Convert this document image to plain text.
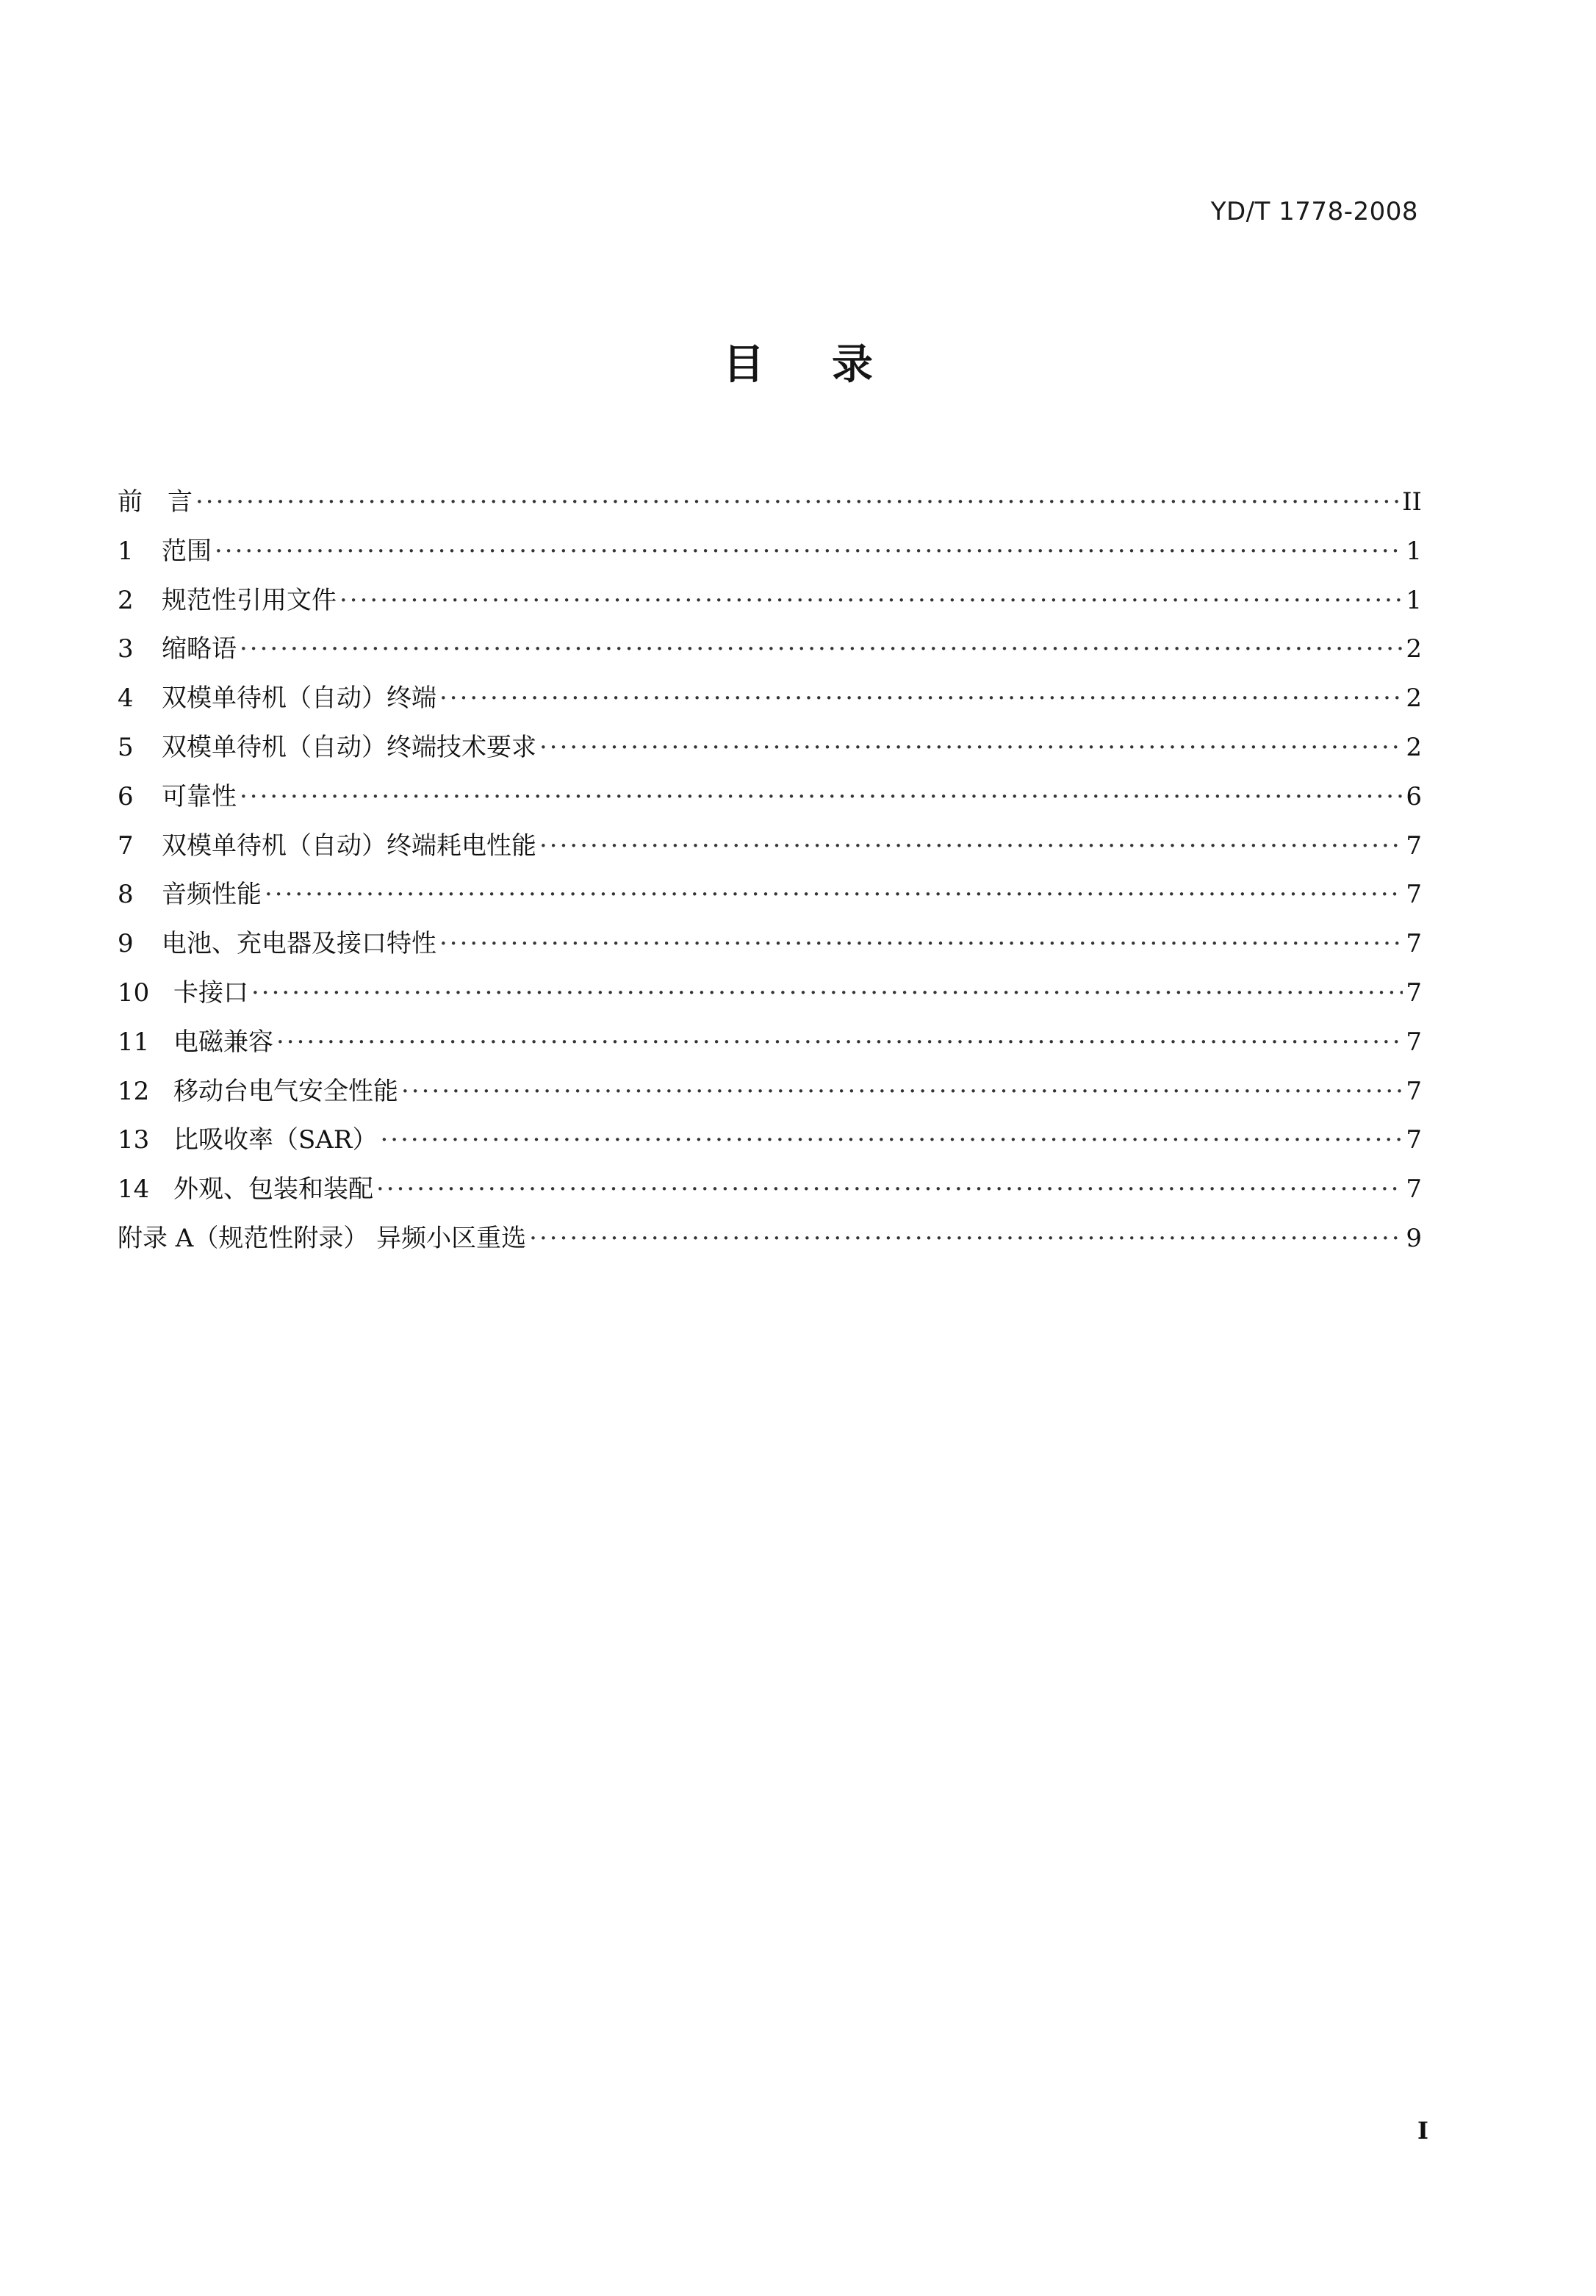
YD/T 1778-2008
目录
前　言 ·····	II
1	范围 ·····	1
2	规范性引用文件 ·····	1
3	缩略语 ·····	2
4	双模单待机（自动）终端 ·····	2
5	双模单待机（自动）终端技术要求 ·····	2
6	可靠性 ·····	6
7	双模单待机（自动）终端耗电性能 ·····	7
8	音频性能 ·····	7
9	电池、充电器及接口特性 ·····	7
10 卡接口 ·····	7
11 电磁兼容 ·····	7
12 移动台电气安全性能 ·····	7
13 比吸收率（SAR） ·····	7
14 外观、包装和装配 ·····	7
附录 A（规范性附录） 异频小区重选 ·····	9
I
